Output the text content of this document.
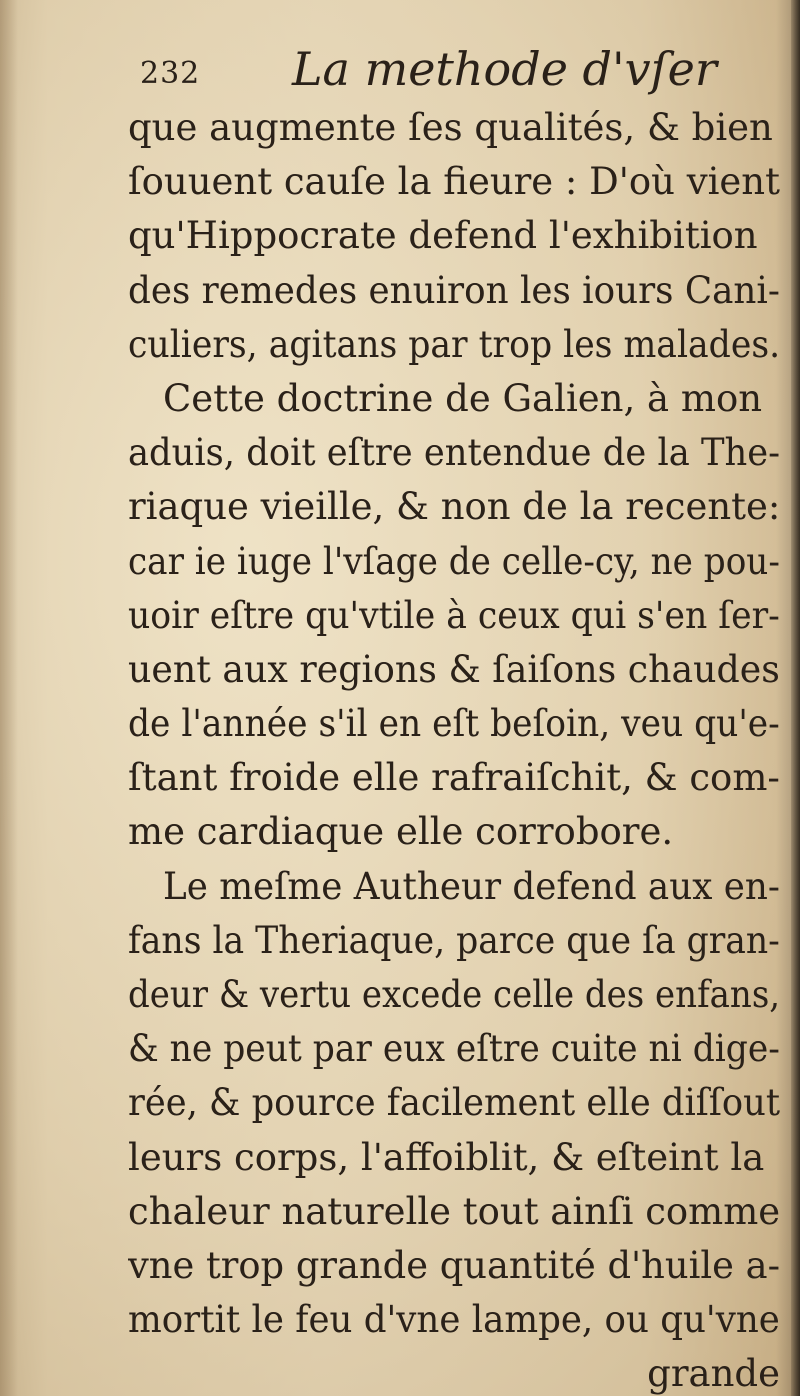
232 La methode d'vſer
que augmente ſes qualités, & bien
ſouuent cauſe la fieure : D'où vient
qu'Hippocrate defend l'exhibition
des remedes enuiron les iours Cani-
culiers, agitans par trop les malades.
Cette doctrine de Galien, à mon
aduis, doit eſtre entendue de la The-
riaque vieille, & non de la recente:
car ie iuge l'vſage de celle-cy, ne pou-
uoir eſtre qu'vtile à ceux qui s'en ſer-
uent aux regions & ſaiſons chaudes
de l'année s'il en eſt beſoin, veu qu'e-
ſtant froide elle rafraiſchit, & com-
me cardiaque elle corrobore.
Le meſme Autheur defend aux en-
fans la Theriaque, parce que ſa gran-
deur & vertu excede celle des enfans,
& ne peut par eux eſtre cuite ni dige-
rée, & pource facilement elle diſſout
leurs corps, l'affoiblit, & eſteint la
chaleur naturelle tout ainſi comme
vne trop grande quantité d'huile a-
mortit le feu d'vne lampe, ou qu'vne
grande
